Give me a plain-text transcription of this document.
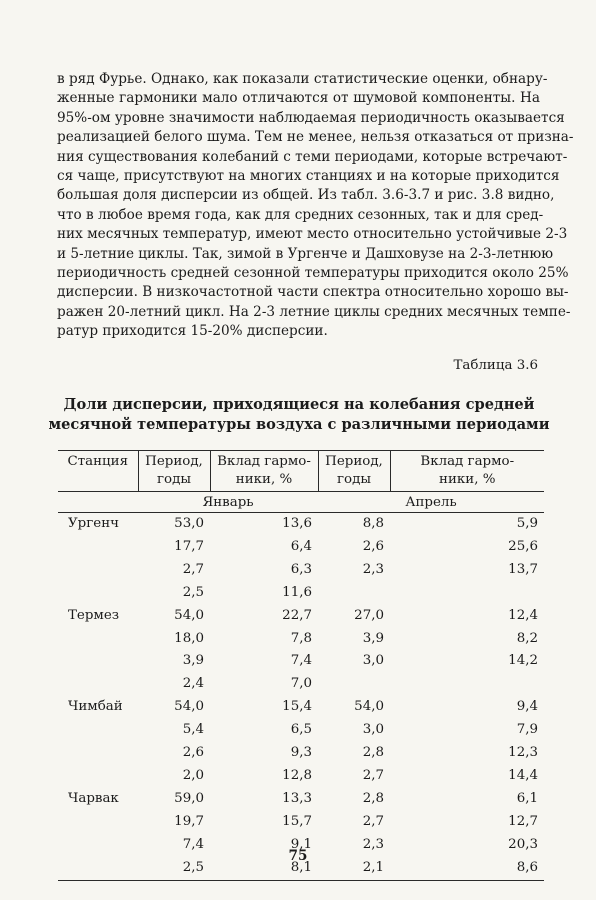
в ряд Фурье. Однако, как показали статистические оценки, обнару-
женные гармоники мало отличаются от шумовой компоненты. На
95%-ом уровне значимости наблюдаемая периодичность оказывается
реализацией белого шума. Тем не менее, нельзя отказаться от призна-
ния существования колебаний с теми периодами, которые встречают-
ся чаще, присутствуют на многих станциях и на которые приходится
большая доля дисперсии из общей. Из табл. 3.6-3.7 и рис. 3.8 видно,
что в любое время года, как для средних сезонных, так и для сред-
них месячных температур, имеют место относительно устойчивые 2-3
и 5-летние циклы. Так, зимой в Ургенче и Дашховузе на 2-3-летнюю
периодичность средней сезонной температуры приходится около 25%
дисперсии. В низкочастотной части спектра относительно хорошо вы-
ражен 20-летний цикл. На 2-3 летние циклы средних месячных темпе-
ратур приходится 15-20% дисперсии.

Таблица 3.6

Доли дисперсии, приходящиеся на колебания средней
месячной температуры воздуха с различными периодами
Станция	Период,
годы	Вклад гармо-
ники, %	Период,
годы	Вклад гармо-
ники, %
	Январь		Апрель	
Ургенч	53,0	13,6	8,8	5,9
	17,7	6,4	2,6	25,6
	2,7	6,3	2,3	13,7
	2,5	11,6		
Термез	54,0	22,7	27,0	12,4
	18,0	7,8	3,9	8,2
	3,9	7,4	3,0	14,2
	2,4	7,0		
Чимбай	54,0	15,4	54,0	9,4
	5,4	6,5	3,0	7,9
	2,6	9,3	2,8	12,3
	2,0	12,8	2,7	14,4
Чарвак	59,0	13,3	2,8	6,1
	19,7	15,7	2,7	12,7
	7,4	9,1	2,3	20,3
	2,5	8,1	2,1	8,6

75
